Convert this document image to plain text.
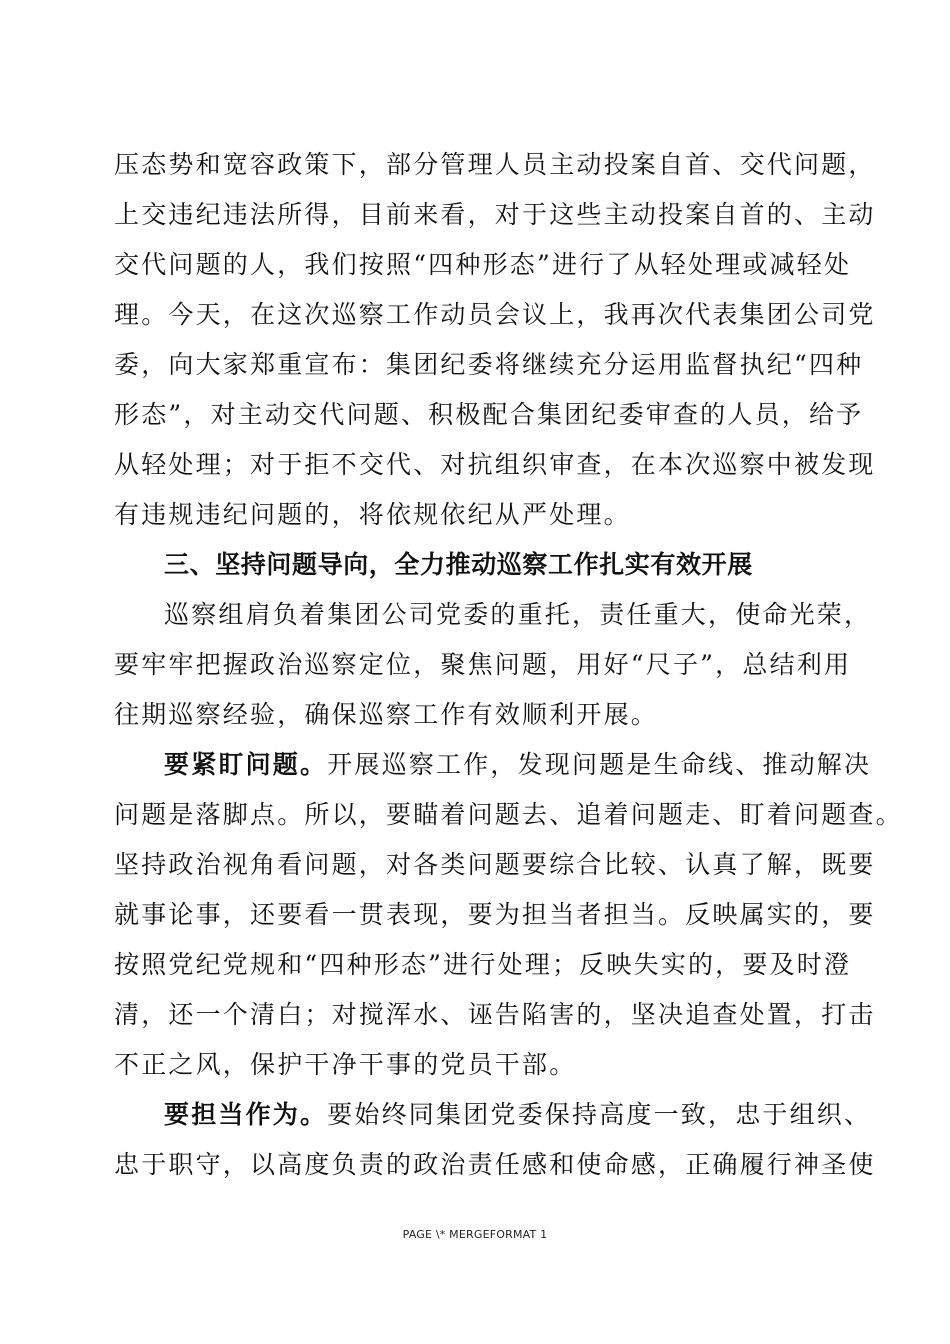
压态势和宽容政策下，部分管理人员主动投案自首、交代问题，
上交违纪违法所得，目前来看，对于这些主动投案自首的、主动
交代问题的人，我们按照“四种形态”进行了从轻处理或减轻处
理。今天，在这次巡察工作动员会议上，我再次代表集团公司党
委，向大家郑重宣布：集团纪委将继续充分运用监督执纪“四种
形态”，对主动交代问题、积极配合集团纪委审查的人员，给予
从轻处理；对于拒不交代、对抗组织审查，在本次巡察中被发现
有违规违纪问题的，将依规依纪从严处理。
三、坚持问题导向，全力推动巡察工作扎实有效开展
巡察组肩负着集团公司党委的重托，责任重大，使命光荣，
要牢牢把握政治巡察定位，聚焦问题，用好“尺子”，总结利用
往期巡察经验，确保巡察工作有效顺利开展。
要紧盯问题。开展巡察工作，发现问题是生命线、推动解决
问题是落脚点。所以，要瞄着问题去、追着问题走、盯着问题查。
坚持政治视角看问题，对各类问题要综合比较、认真了解，既要
就事论事，还要看一贯表现，要为担当者担当。反映属实的，要
按照党纪党规和“四种形态”进行处理；反映失实的，要及时澄
清，还一个清白；对搅浑水、诬告陷害的，坚决追查处置，打击
不正之风，保护干净干事的党员干部。
要担当作为。要始终同集团党委保持高度一致，忠于组织、
忠于职守，以高度负责的政治责任感和使命感，正确履行神圣使
PAGE \* MERGEFORMAT 1
